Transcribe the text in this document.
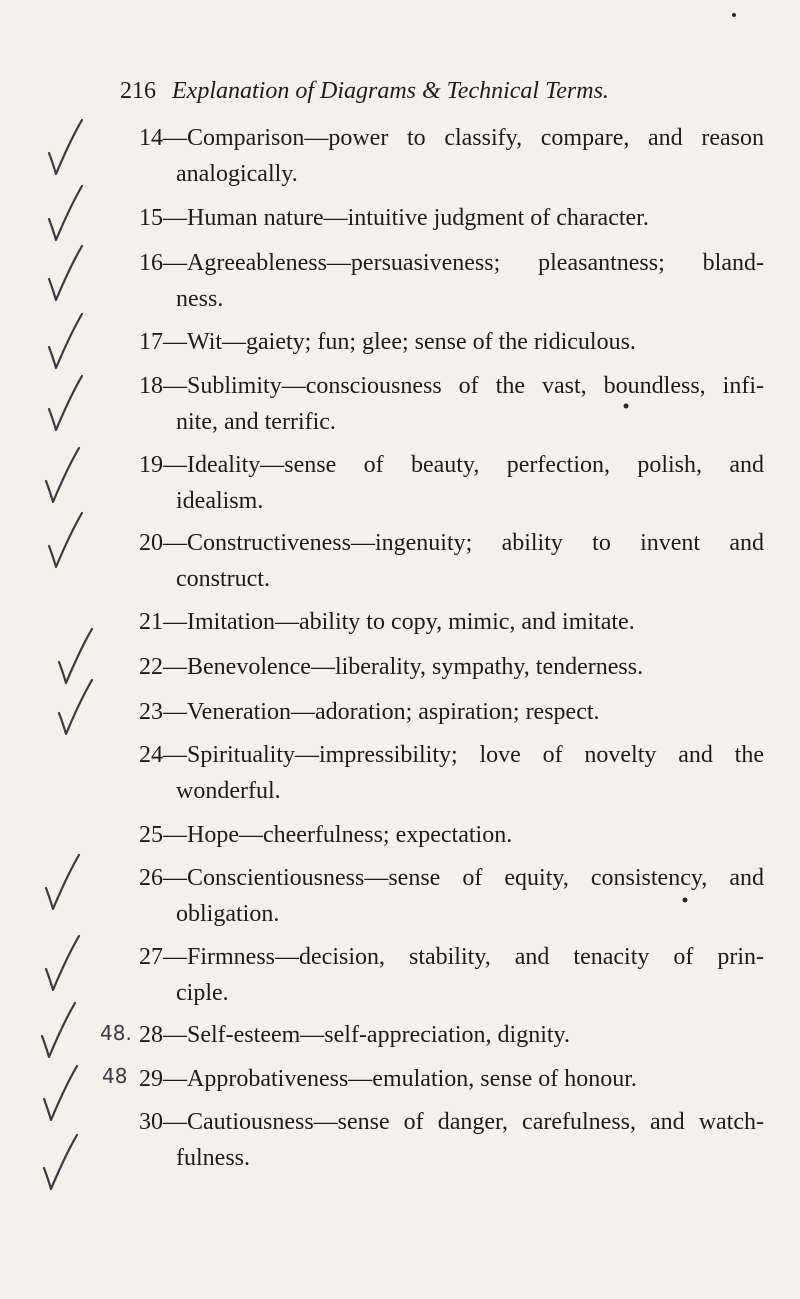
216 Explanation of Diagrams & Technical Terms.
14—Comparison—power to classify, compare, and reason
analogically.
15—Human nature—intuitive judgment of character.
16—Agreeableness—persuasiveness; pleasantness; bland-
ness.
17—Wit—gaiety; fun; glee; sense of the ridiculous.
18—Sublimity—consciousness of the vast, boundless, infi-
nite, and terrific.
19—Ideality—sense of beauty, perfection, polish, and
idealism.
20—Constructiveness—ingenuity; ability to invent and
construct.
21—Imitation—ability to copy, mimic, and imitate.
22—Benevolence—liberality, sympathy, tenderness.
23—Veneration—adoration; aspiration; respect.
24—Spirituality—impressibility; love of novelty and the
wonderful.
25—Hope—cheerfulness; expectation.
26—Conscientiousness—sense of equity, consistency, and
obligation.
27—Firmness—decision, stability, and tenacity of prin-
ciple.
28—Self-esteem—self-appreciation, dignity.
29—Approbativeness—emulation, sense of honour.
30—Cautiousness—sense of danger, carefulness, and watch-
fulness.
48.
48
